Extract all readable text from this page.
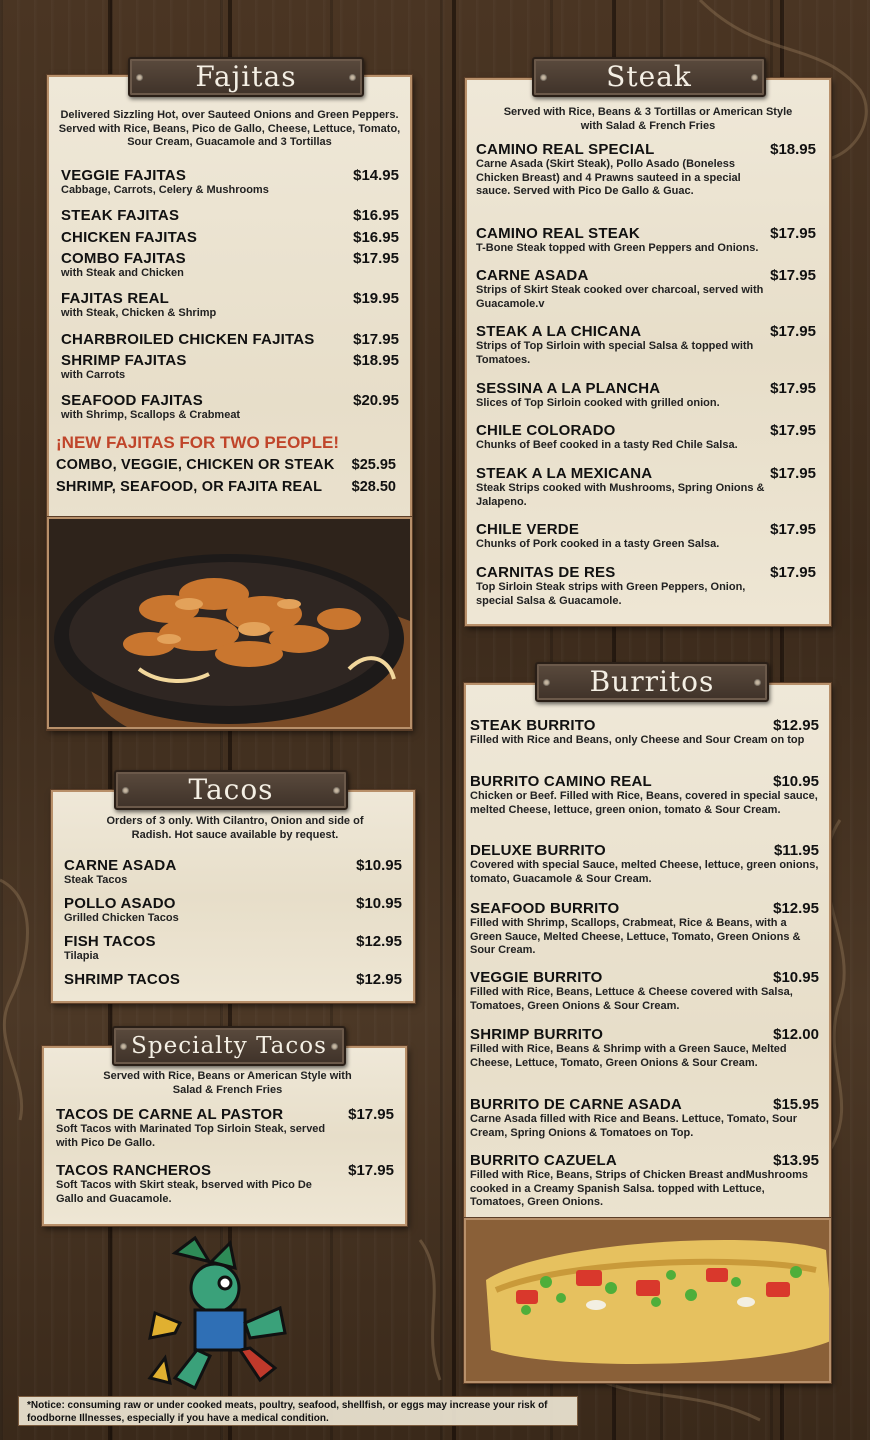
Fajitas
Delivered Sizzling Hot, over Sauteed Onions and Green Peppers. Served with Rice, Beans, Pico de Gallo, Cheese, Lettuce, Tomato, Sour Cream, Guacamole and 3 Tortillas
VEGGIE FAJITAS	$14.95
Cabbage, Carrots, Celery & Mushrooms
STEAK FAJITAS	$16.95
CHICKEN FAJITAS	$16.95
COMBO FAJITAS	$17.95
with Steak and Chicken
FAJITAS REAL	$19.95
with Steak, Chicken & Shrimp
CHARBROILED CHICKEN FAJITAS	$17.95
SHRIMP FAJITAS	$18.95
with Carrots
SEAFOOD FAJITAS	$20.95
with Shrimp, Scallops & Crabmeat
¡NEW FAJITAS FOR TWO PEOPLE!
COMBO, VEGGIE, CHICKEN OR STEAK	$25.95
SHRIMP, SEAFOOD, OR FAJITA REAL	$28.50
Tacos
Orders of 3 only. With Cilantro, Onion and side of Radish. Hot sauce available by request.
CARNE ASADA	$10.95
Steak Tacos
POLLO ASADO	$10.95
Grilled Chicken Tacos
FISH TACOS	$12.95
Tilapia
SHRIMP TACOS	$12.95
Specialty Tacos
Served with Rice, Beans or American Style with Salad & French Fries
TACOS DE CARNE AL PASTOR	$17.95
Soft Tacos with Marinated Top Sirloin Steak, served with Pico De Gallo.
TACOS RANCHEROS	$17.95
Soft Tacos with Skirt steak, bserved with Pico De Gallo and Guacamole.
Steak
Served with Rice, Beans & 3 Tortillas or American Style with Salad & French Fries
CAMINO REAL SPECIAL	$18.95
Carne Asada (Skirt Steak), Pollo Asado (Boneless Chicken Breast) and 4 Prawns sauteed in a special sauce. Served with Pico De Gallo & Guac.
CAMINO REAL STEAK	$17.95
T-Bone Steak topped with Green Peppers and Onions.
CARNE ASADA	$17.95
Strips of Skirt Steak cooked over charcoal, served with Guacamole.v
STEAK A LA CHICANA	$17.95
Strips of Top Sirloin with special Salsa & topped with Tomatoes.
SESSINA A LA PLANCHA	$17.95
Slices of Top Sirloin cooked with grilled onion.
CHILE COLORADO	$17.95
Chunks of Beef cooked in a tasty Red Chile Salsa.
STEAK A LA MEXICANA	$17.95
Steak Strips cooked with Mushrooms, Spring Onions & Jalapeno.
CHILE VERDE	$17.95
Chunks of Pork cooked in a tasty Green Salsa.
CARNITAS DE RES	$17.95
Top Sirloin Steak strips with Green Peppers, Onion, special Salsa & Guacamole.
Burritos
STEAK BURRITO	$12.95
Filled with Rice and Beans, only Cheese and Sour Cream on top
BURRITO CAMINO REAL	$10.95
Chicken or Beef. Filled with Rice, Beans, covered in special sauce, melted Cheese, lettuce, green onion, tomato & Sour Cream.
DELUXE BURRITO	$11.95
Covered with special Sauce, melted Cheese, lettuce, green onions, tomato, Guacamole & Sour Cream.
SEAFOOD BURRITO	$12.95
Filled with Shrimp, Scallops, Crabmeat, Rice & Beans, with a Green Sauce, Melted Cheese, Lettuce, Tomato, Green Onions & Sour Cream.
VEGGIE BURRITO	$10.95
Filled with Rice, Beans, Lettuce & Cheese covered with Salsa, Tomatoes, Green Onions & Sour Cream.
SHRIMP BURRITO	$12.00
Filled with Rice, Beans & Shrimp with a Green Sauce, Melted Cheese, Lettuce, Tomato, Green Onions & Sour Cream.
BURRITO DE CARNE ASADA	$15.95
Carne Asada filled with Rice and Beans. Lettuce, Tomato, Sour Cream, Spring Onions & Tomatoes on Top.
BURRITO CAZUELA	$13.95
Filled with Rice, Beans, Strips of Chicken Breast andMushrooms cooked in a Creamy Spanish Salsa. topped with Lettuce, Tomatoes, Green Onions.
*Notice: consuming raw or under cooked meats, poultry, seafood, shellfish, or eggs may increase your risk of foodborne Illnesses, especially if you have a medical condition.
